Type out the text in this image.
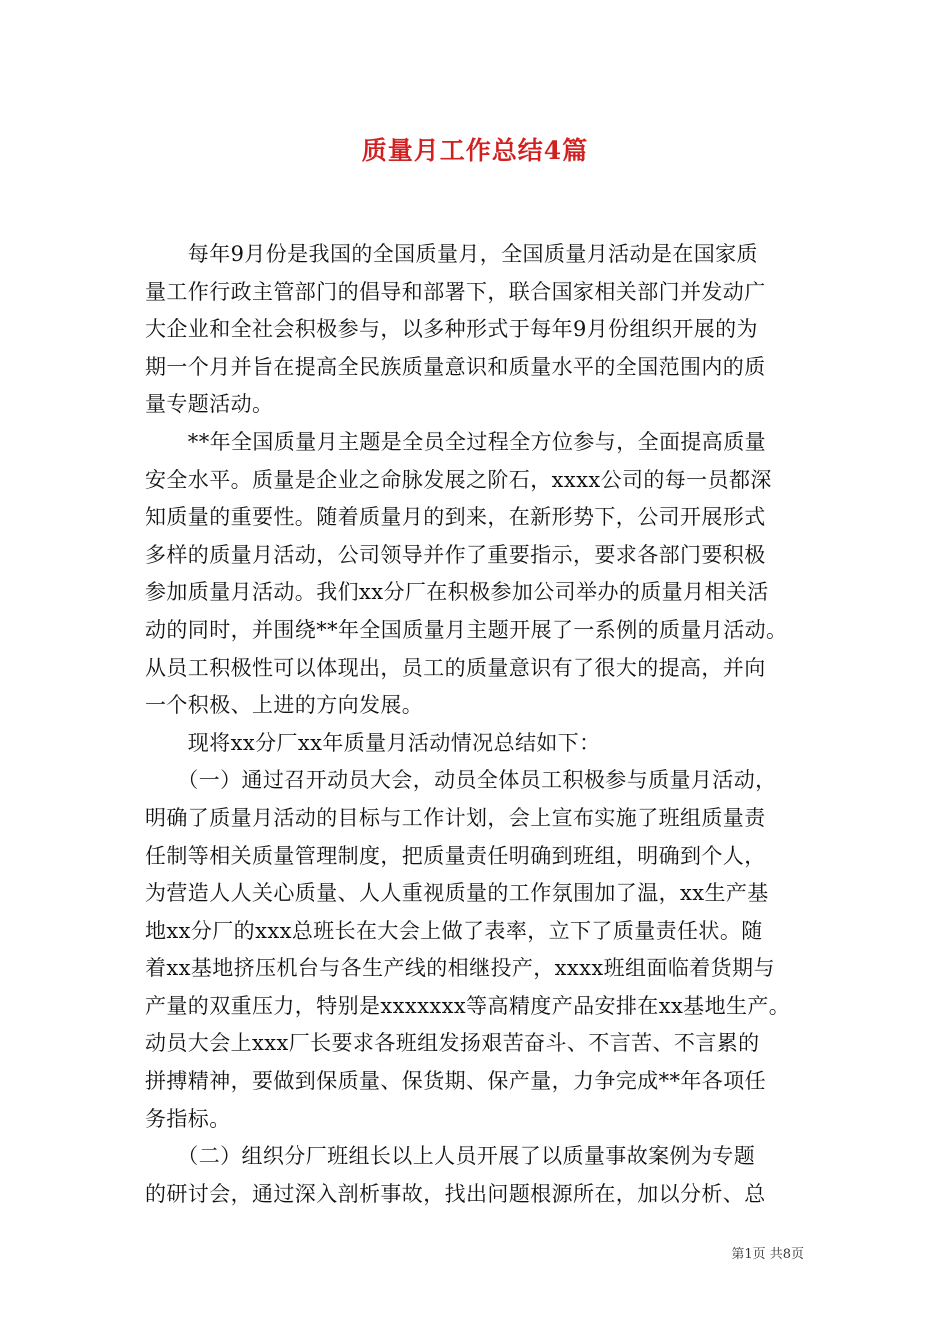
质量月工作总结4篇
　　每年9月份是我国的全国质量月，全国质量月活动是在国家质
量工作行政主管部门的倡导和部署下，联合国家相关部门并发动广
大企业和全社会积极参与，以多种形式于每年9月份组织开展的为
期一个月并旨在提高全民族质量意识和质量水平的全国范围内的质
量专题活动。
　　**年全国质量月主题是全员全过程全方位参与，全面提高质量
安全水平。质量是企业之命脉发展之阶石，xxxx公司的每一员都深
知质量的重要性。随着质量月的到来，在新形势下，公司开展形式
多样的质量月活动，公司领导并作了重要指示，要求各部门要积极
参加质量月活动。我们xx分厂在积极参加公司举办的质量月相关活
动的同时，并围绕**年全国质量月主题开展了一系例的质量月活动。
从员工积极性可以体现出，员工的质量意识有了很大的提高，并向
一个积极、上进的方向发展。
　　现将xx分厂xx年质量月活动情况总结如下：
　　（一）通过召开动员大会，动员全体员工积极参与质量月活动，
明确了质量月活动的目标与工作计划，会上宣布实施了班组质量责
任制等相关质量管理制度，把质量责任明确到班组，明确到个人，
为营造人人关心质量、人人重视质量的工作氛围加了温，xx生产基
地xx分厂的xxx总班长在大会上做了表率，立下了质量责任状。随
着xx基地挤压机台与各生产线的相继投产，xxxx班组面临着货期与
产量的双重压力，特别是xxxxxxx等高精度产品安排在xx基地生产。
动员大会上xxx厂长要求各班组发扬艰苦奋斗、不言苦、不言累的
拼搏精神，要做到保质量、保货期、保产量，力争完成**年各项任
务指标。
　　（二）组织分厂班组长以上人员开展了以质量事故案例为专题
的研讨会，通过深入剖析事故，找出问题根源所在，加以分析、总
第1页 共8页
